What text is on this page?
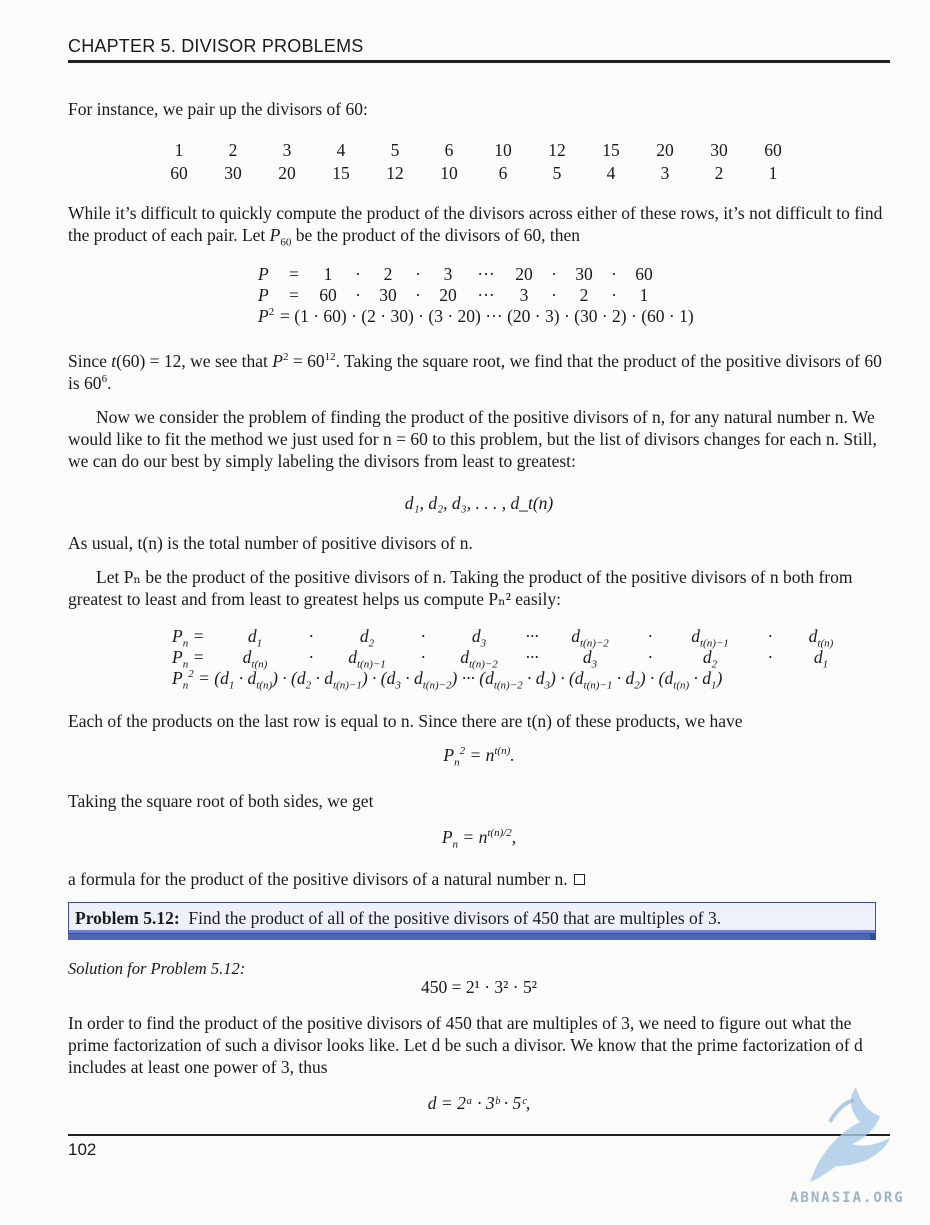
CHAPTER 5. DIVISOR PROBLEMS
For instance, we pair up the divisors of 60:
1	2	3	4	5	6	10	12	15	20	30	60
60	30	20	15	12	10	6	5	4	3	2	1
While it’s difficult to quickly compute the product of the divisors across either of these rows, it’s not difficult to find the product of each pair. Let $P_{60}$ be the product of the divisors of 60, then
P	=	1	·	2	·	3	···	20	·	30	·	60
P	=	60	·	30	·	20	···	3	·	2	·	1
$P^2 = (1 \cdot 60) \cdot (2 \cdot 30) \cdot (3 \cdot 20)$ ··· (20 · 3) · (30 · 2) · (60 · 1)
Since t(60) = 12, we see that $P^2 = 60^{12}$. Taking the square root, we find that the product of the positive divisors of 60 is $60^6$.
Now we consider the problem of finding the product of the positive divisors of n, for any natural number n. We would like to fit the method we just used for n = 60 to this problem, but the list of divisors changes for each n. Still, we can do our best by simply labeling the divisors from least to greatest:
d₁, d₂, d₃, . . . , d_t(n)
As usual, t(n) is the total number of positive divisors of n.
Let Pₙ be the product of the positive divisors of n. Taking the product of the positive divisors of n both from greatest to least and from least to greatest helps us compute Pₙ² easily:
$P_n$ =	$d_1$	·	$d_2$	·	$d_3$	···	$d_{t(n)-2}$	·	$d_{t(n)-1}$	·	$d_{t(n)}$
$P_n$ =	$d_{t(n)}$	·	$d_{t(n)-1}$	·	$d_{t(n)-2}$	···	$d_3$	·	$d_2$	·	$d_1$
$P_n^2 = (d_1 \cdot d_{t(n)}) \cdot (d_2 \cdot d_{t(n)-1}) \cdot (d_3 \cdot d_{t(n)-2})$ ··· $(d_{t(n)-2} \cdot d_3) \cdot (d_{t(n)-1} \cdot d_2) \cdot (d_{t(n)} \cdot d_1)$
Each of the products on the last row is equal to n. Since there are t(n) of these products, we have
$P_n^2 = n^{t(n)}$.
Taking the square root of both sides, we get
$P_n = n^{t(n)/2}$,
a formula for the product of the positive divisors of a natural number n.
Problem 5.12: Find the product of all of the positive divisors of 450 that are multiples of 3.
Solution for Problem 5.12:
450 = 2¹ · 3² · 5²
In order to find the product of the positive divisors of 450 that are multiples of 3, we need to figure out what the prime factorization of such a divisor looks like. Let d be such a divisor. We know that the prime factorization of d includes at least one power of 3, thus
d = 2ᵃ · 3ᵇ · 5ᶜ,
102
ABNASIA.ORG
